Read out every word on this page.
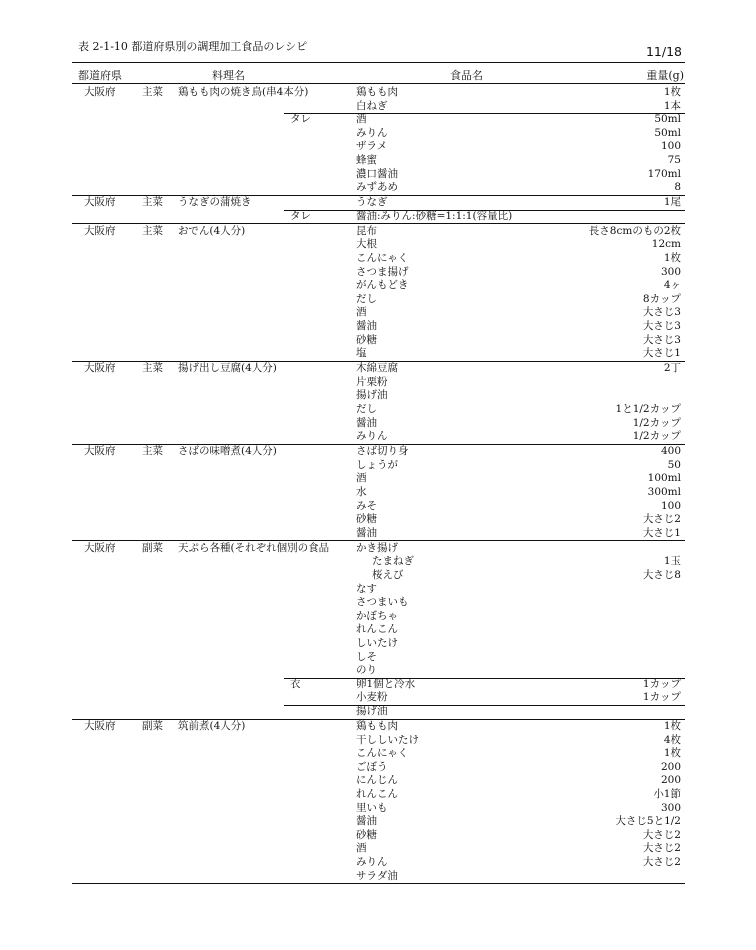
表 2-1-10 都道府県別の調理加工食品のレシピ	11/18
都道府県	料理名	食品名	重量(g)
大阪府	主菜 鶏もも肉の焼き鳥(串4本分)	鶏もも肉	1枚
白ねぎ	1本
タレ	酒	50ml
みりん	50ml
ザラメ	100
蜂蜜	75
濃口醤油	170ml
みずあめ	8
大阪府	主菜 うなぎの蒲焼き	うなぎ	1尾
タレ	醤油:みりん:砂糖=1:1:1(容量比)
大阪府	主菜 おでん(4人分)	昆布	長さ8cmのもの2枚
大根	12cm
こんにゃく	1枚
さつま揚げ	300
がんもどき	4ヶ
だし	8カップ
酒	大さじ3
醤油	大さじ3
砂糖	大さじ3
塩	大さじ1
大阪府	主菜 揚げ出し豆腐(4人分)	木綿豆腐	2丁
片栗粉
揚げ油
だし	1と1/2カップ
醤油	1/2カップ
みりん	1/2カップ
大阪府	主菜 さばの味噌煮(4人分)	さば切り身	400
しょうが	50
酒	100ml
水	300ml
みそ	100
砂糖	大さじ2
醤油	大さじ1
大阪府	副菜 天ぷら各種(それぞれ個別の食品	かき揚げ
たまねぎ	1玉
桜えび	大さじ8
なす
さつまいも
かぼちゃ
れんこん
しいたけ
しそ
のり
衣	卵1個と冷水	1カップ
小麦粉	1カップ
揚げ油
大阪府	副菜 筑前煮(4人分)	鶏もも肉	1枚
干ししいたけ	4枚
こんにゃく	1枚
ごぼう	200
にんじん	200
れんこん	小1節
里いも	300
醤油	大さじ5と1/2
砂糖	大さじ2
酒	大さじ2
みりん	大さじ2
サラダ油
